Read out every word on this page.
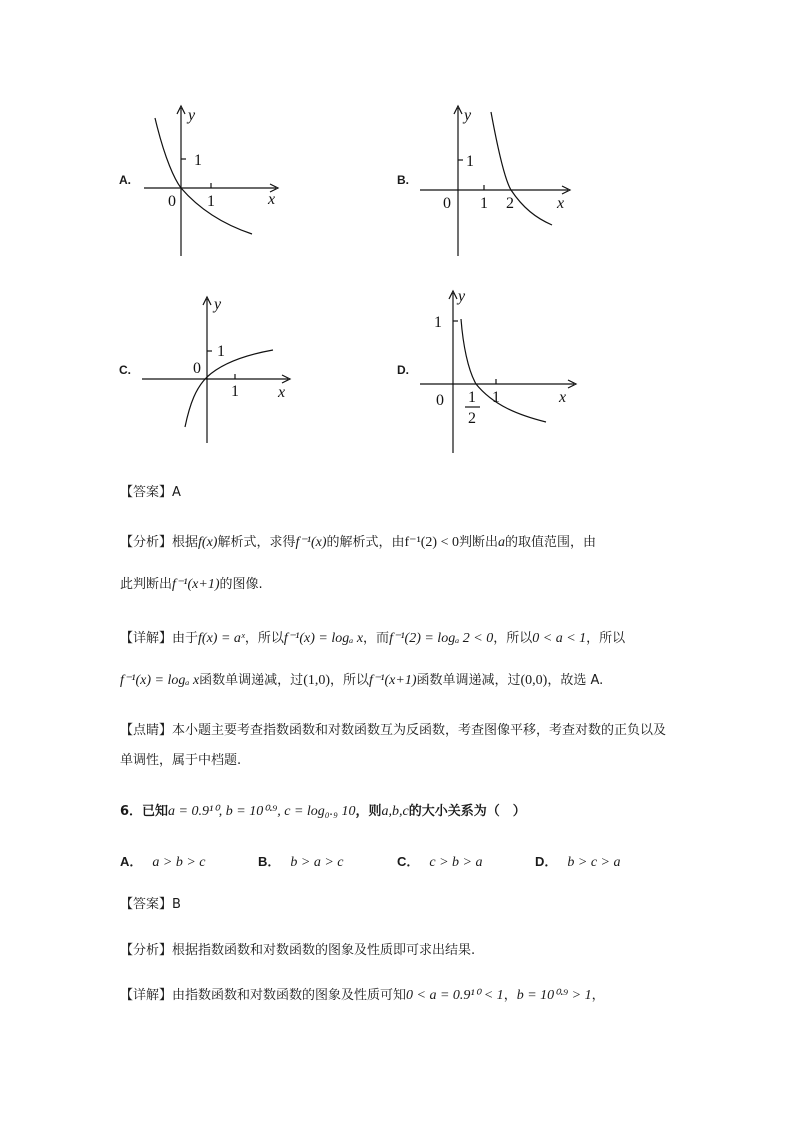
A.
x
y
0 1
1
B.
x
y
0 1 2
1
C.
x
y
0
1
1
D.
x
y
0	1
1
1
2
【答案】A
【分析】根据f(x)解析式，求得f⁻¹(x)的解析式，由f⁻¹(2) < 0判断出a的取值范围，由
此判断出f⁻¹(x+1)的图像.
【详解】由于f(x) = aˣ，所以f⁻¹(x) = logₐ x，而f⁻¹(2) = logₐ 2 < 0，所以0 < a < 1，所以
f⁻¹(x) = logₐ x函数单调递减，过(1,0)，所以f⁻¹(x+1)函数单调递减，过(0,0)，故选 A.
【点睛】本小题主要考查指数函数和对数函数互为反函数，考查图像平移，考查对数的正负以及单调性，属于中档题.
6．已知a = 0.9¹⁰, b = 10⁰·⁹, c = log₀.₉ 10，则a,b,c的大小关系为（　）
A． a > b > c	B． b > a > c	C． c > b > a	D． b > c > a
【答案】B
【分析】根据指数函数和对数函数的图象及性质即可求出结果.
【详解】由指数函数和对数函数的图象及性质可知0 < a = 0.9¹⁰ < 1，b = 10⁰·⁹ > 1，
